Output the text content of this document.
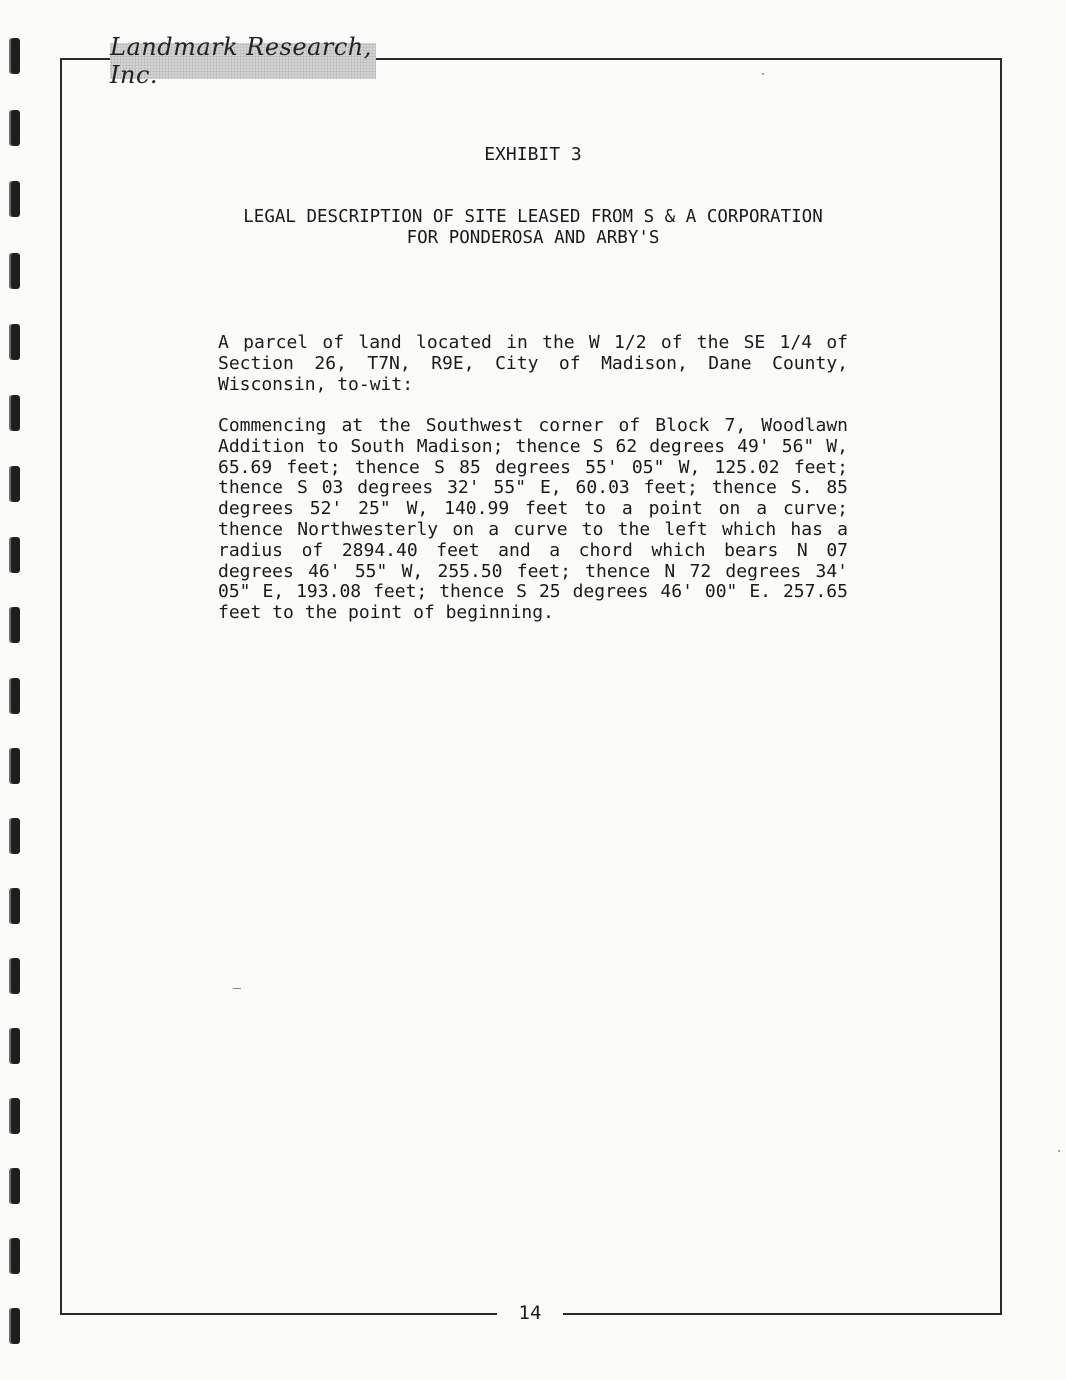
Landmark Research, Inc.
EXHIBIT 3
LEGAL DESCRIPTION OF SITE LEASED FROM S & A CORPORATION
FOR PONDEROSA AND ARBY'S
A parcel of land located in the W 1/2 of the SE 1/4 of Section 26, T7N, R9E, City of Madison, Dane County, Wisconsin, to-wit:
Commencing at the Southwest corner of Block 7, Woodlawn Addition to South Madison; thence S 62 degrees 49' 56" W, 65.69 feet; thence S 85 degrees 55' 05" W, 125.02 feet; thence S 03 degrees 32' 55" E, 60.03 feet; thence S. 85 degrees 52' 25" W, 140.99 feet to a point on a curve; thence Northwesterly on a curve to the left which has a radius of 2894.40 feet and a chord which bears N 07 degrees 46' 55" W, 255.50 feet; thence N 72 degrees 34' 05" E, 193.08 feet; thence S 25 degrees 46' 00" E. 257.65 feet to the point of beginning.
14
